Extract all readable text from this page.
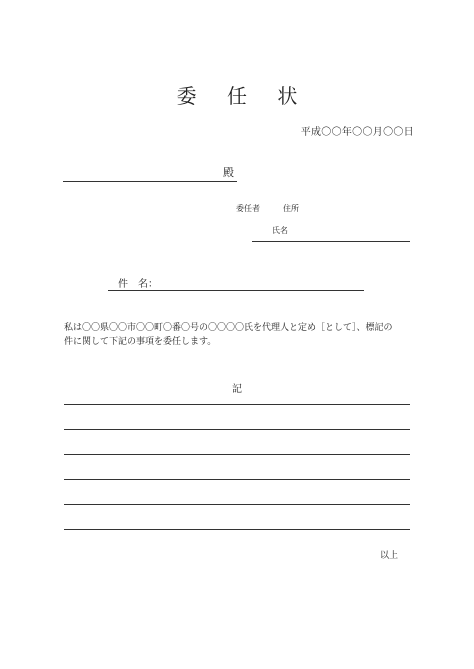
委 任 状
平成〇〇年〇〇月〇〇日
殿
委任者	住所
氏名
件　名：

私は〇〇県〇〇市〇〇町〇番〇号の〇〇〇〇氏を代理人と定め［として］、標記の

件に関して下記の事項を委任します。

記
以上
